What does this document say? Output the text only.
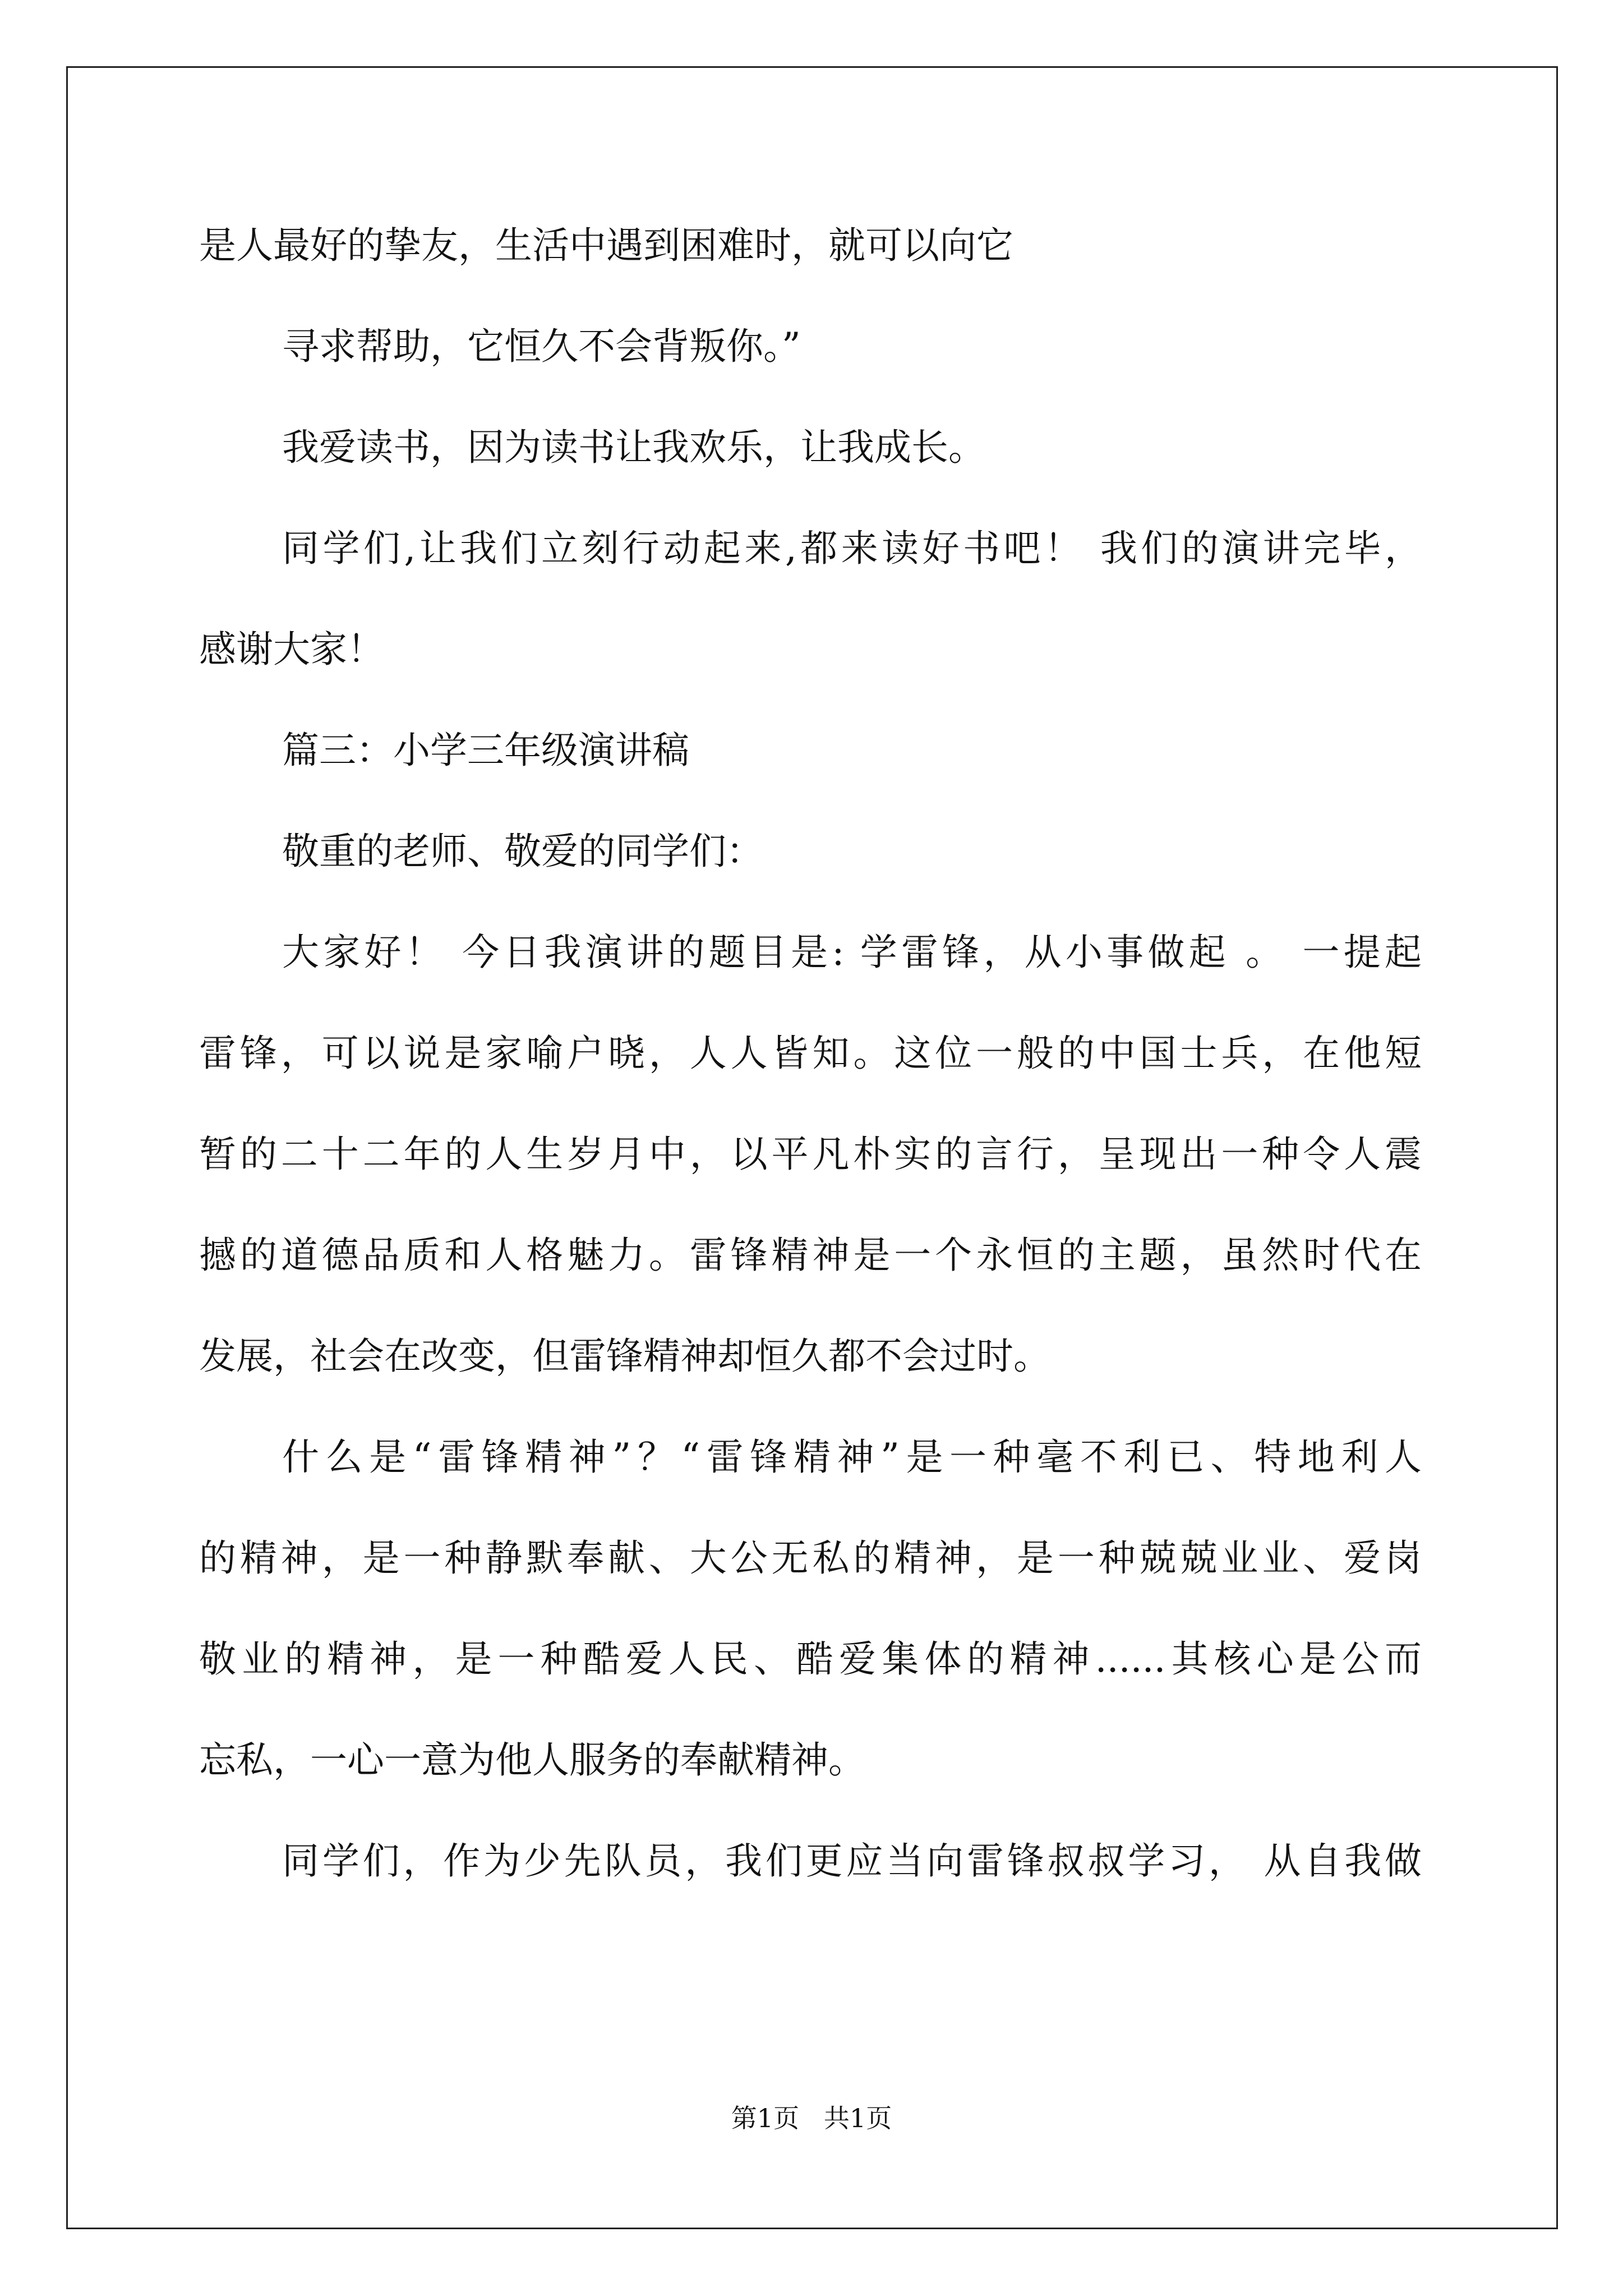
是人最好的挚友，生活中遇到困难时，就可以向它
寻求帮助，它恒久不会背叛你。”
我爱读书，因为读书让我欢乐，让我成长。
同学们,让我们立刻行动起来,都来读好书吧！ 我们的演讲完毕，
感谢大家！
篇三：小学三年级演讲稿
敬重的老师、敬爱的同学们：
大家好！ 今日我演讲的题目是: 学雷锋，从小事做起 。 一提起
雷锋，可以说是家喻户晓，人人皆知。这位一般的中国士兵，在他短
暂的二十二年的人生岁月中，以平凡朴实的言行，呈现出一种令人震
撼的道德品质和人格魅力。雷锋精神是一个永恒的主题，虽然时代在
发展，社会在改变，但雷锋精神却恒久都不会过时。
什么是“雷锋精神”？“雷锋精神”是一种毫不利已、特地利人
的精神，是一种静默奉献、大公无私的精神，是一种兢兢业业、爱岗
敬业的精神，是一种酷爱人民、酷爱集体的精神......其核心是公而
忘私，一心一意为他人服务的奉献精神。
同学们，作为少先队员，我们更应当向雷锋叔叔学习， 从自我做
第1页   共1页
